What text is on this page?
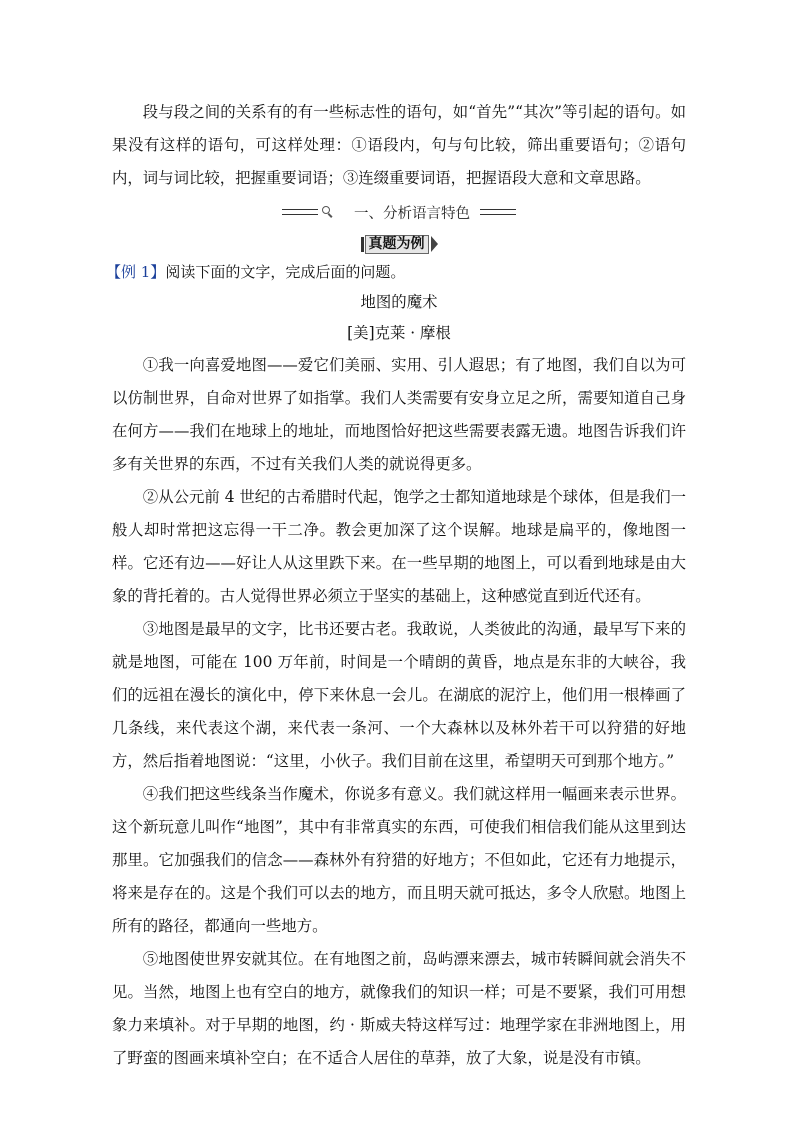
段与段之间的关系有的有一些标志性的语句，如“首先”“其次”等引起的语句。如果没有这样的语句，可这样处理：①语段内，句与句比较，筛出重要语句；②语句内，词与词比较，把握重要词语；③连缀重要词语，把握语段大意和文章思路。

一、分析语言特色
真题为例

【例 1】阅读下面的文字，完成后面的问题。

地图的魔术

[美]克莱 · 摩根

①我一向喜爱地图——爱它们美丽、实用、引人遐思；有了地图，我们自以为可以仿制世界，自命对世界了如指掌。我们人类需要有安身立足之所，需要知道自己身在何方——我们在地球上的地址，而地图恰好把这些需要表露无遗。地图告诉我们许多有关世界的东西，不过有关我们人类的就说得更多。

②从公元前 4 世纪的古希腊时代起，饱学之士都知道地球是个球体，但是我们一般人却时常把这忘得一干二净。教会更加深了这个误解。地球是扁平的，像地图一样。它还有边——好让人从这里跌下来。在一些早期的地图上，可以看到地球是由大象的背托着的。古人觉得世界必须立于坚实的基础上，这种感觉直到近代还有。

③地图是最早的文字，比书还要古老。我敢说，人类彼此的沟通，最早写下来的就是地图，可能在 100 万年前，时间是一个晴朗的黄昏，地点是东非的大峡谷，我们的远祖在漫长的演化中，停下来休息一会儿。在湖底的泥泞上，他们用一根棒画了几条线，来代表这个湖，来代表一条河、一个大森林以及林外若干可以狩猎的好地方，然后指着地图说：“这里，小伙子。我们目前在这里，希望明天可到那个地方。”

④我们把这些线条当作魔术，你说多有意义。我们就这样用一幅画来表示世界。这个新玩意儿叫作“地图”，其中有非常真实的东西，可使我们相信我们能从这里到达那里。它加强我们的信念——森林外有狩猎的好地方；不但如此，它还有力地提示，将来是存在的。这是个我们可以去的地方，而且明天就可抵达，多令人欣慰。地图上所有的路径，都通向一些地方。

⑤地图使世界安就其位。在有地图之前，岛屿漂来漂去，城市转瞬间就会消失不见。当然，地图上也有空白的地方，就像我们的知识一样；可是不要紧，我们可用想象力来填补。对于早期的地图，约 · 斯威夫特这样写过：地理学家在非洲地图上，用了野蛮的图画来填补空白；在不适合人居住的草莽，放了大象，说是没有市镇。
